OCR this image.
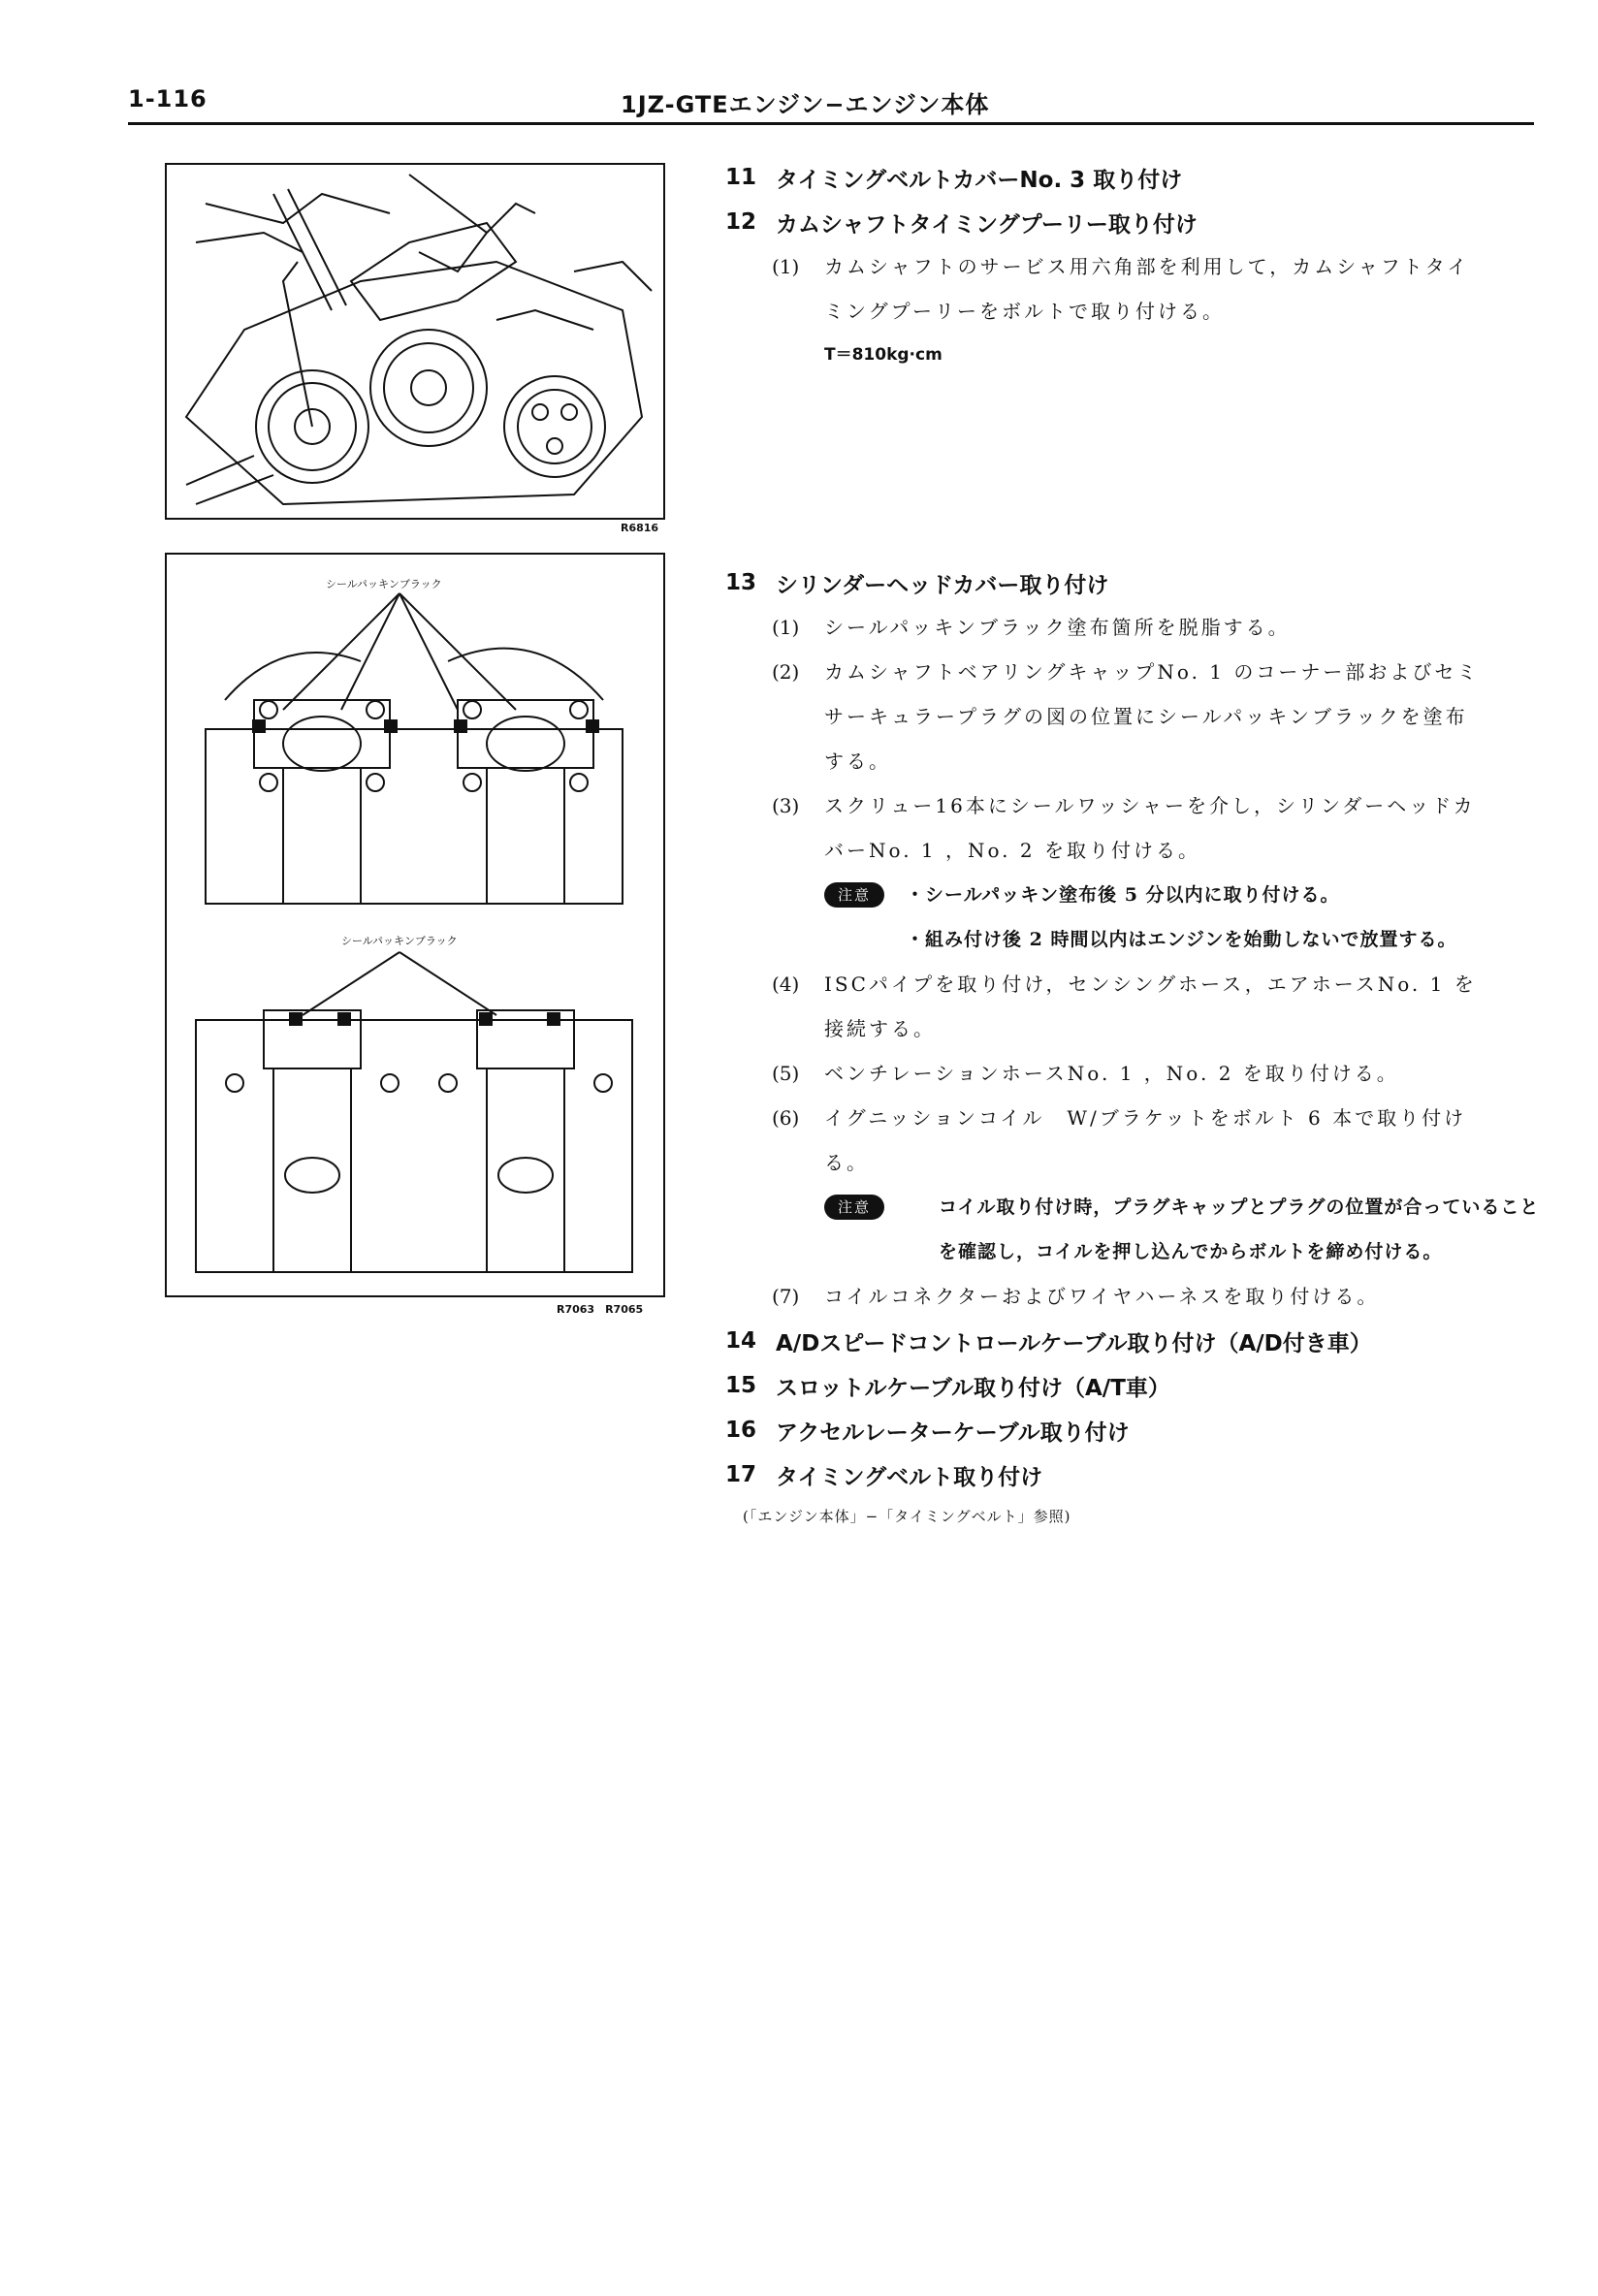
1-116	1JZ-GTEエンジン−エンジン本体
R6816
シールパッキンブラック
シールパッキンブラック
R7063　R7065
11 タイミングベルトカバーNo. 3 取り付け
12 カムシャフトタイミングプーリー取り付け
(1)	カムシャフトのサービス用六角部を利用して，カムシャフトタイミングプーリーをボルトで取り付ける。
T＝810kg·cm
13 シリンダーヘッドカバー取り付け
(1)	シールパッキンブラック塗布箇所を脱脂する。
(2)	カムシャフトベアリングキャップNo. 1 のコーナー部およびセミサーキュラープラグの図の位置にシールパッキンブラックを塗布する。
(3)	スクリュー16本にシールワッシャーを介し，シリンダーヘッドカバーNo. 1 ，No. 2 を取り付ける。
注意	・シールパッキン塗布後 5 分以内に取り付ける。
・組み付け後 2 時間以内はエンジンを始動しないで放置する。
(4)	ISCパイプを取り付け，センシングホース，エアホースNo. 1 を接続する。
(5)	ベンチレーションホースNo. 1 ，No. 2 を取り付ける。
(6)	イグニッションコイル　W/ブラケットをボルト 6 本で取り付ける。
注意	コイル取り付け時，プラグキャップとプラグの位置が合っていることを確認し，コイルを押し込んでからボルトを締め付ける。
(7)	コイルコネクターおよびワイヤハーネスを取り付ける。
14 A/Dスピードコントロールケーブル取り付け（A/D付き車）
15 スロットルケーブル取り付け（A/T車）
16 アクセルレーターケーブル取り付け
17 タイミングベルト取り付け
(「エンジン本体」−「タイミングベルト」参照)
